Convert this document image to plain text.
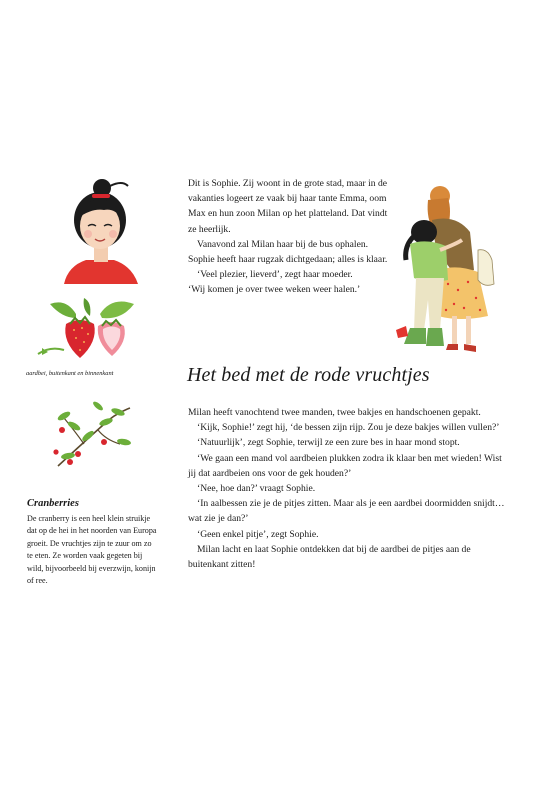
aardbei, buitenkant en binnenkant
Cranberries
De cranberry is een heel klein struikje dat op de hei in het noorden van Europa groeit. De vruchtjes zijn te zuur om zo te eten. Ze worden vaak gegeten bij wild, bijvoorbeeld bij everzwijn, konijn of ree.

Dit is Sophie. Zij woont in de grote stad, maar in de vakanties logeert ze vaak bij haar tante Emma, oom Max en hun zoon Milan op het platteland. Dat vindt ze heerlijk.

Vanavond zal Milan haar bij de bus ophalen. Sophie heeft haar rugzak dichtgedaan; alles is klaar.

‘Veel plezier, lieverd’, zegt haar moeder.

‘Wij komen je over twee weken weer halen.’

Het bed met de rode vruchtjes

Milan heeft vanochtend twee manden, twee bakjes en handschoenen gepakt.

‘Kijk, Sophie!’ zegt hij, ‘de bessen zijn rijp. Zou je deze bakjes willen vullen?’

‘Natuurlijk’, zegt Sophie, terwijl ze een zure bes in haar mond stopt.

‘We gaan een mand vol aardbeien plukken zodra ik klaar ben met wieden! Wist jij dat aardbeien ons voor de gek houden?’

‘Nee, hoe dan?’ vraagt Sophie.

‘In aalbessen zie je de pitjes zitten. Maar als je een aardbei doormidden snijdt… wat zie je dan?’

‘Geen enkel pitje’, zegt Sophie.

Milan lacht en laat Sophie ontdekken dat bij de aardbei de pitjes aan de buitenkant zitten!
